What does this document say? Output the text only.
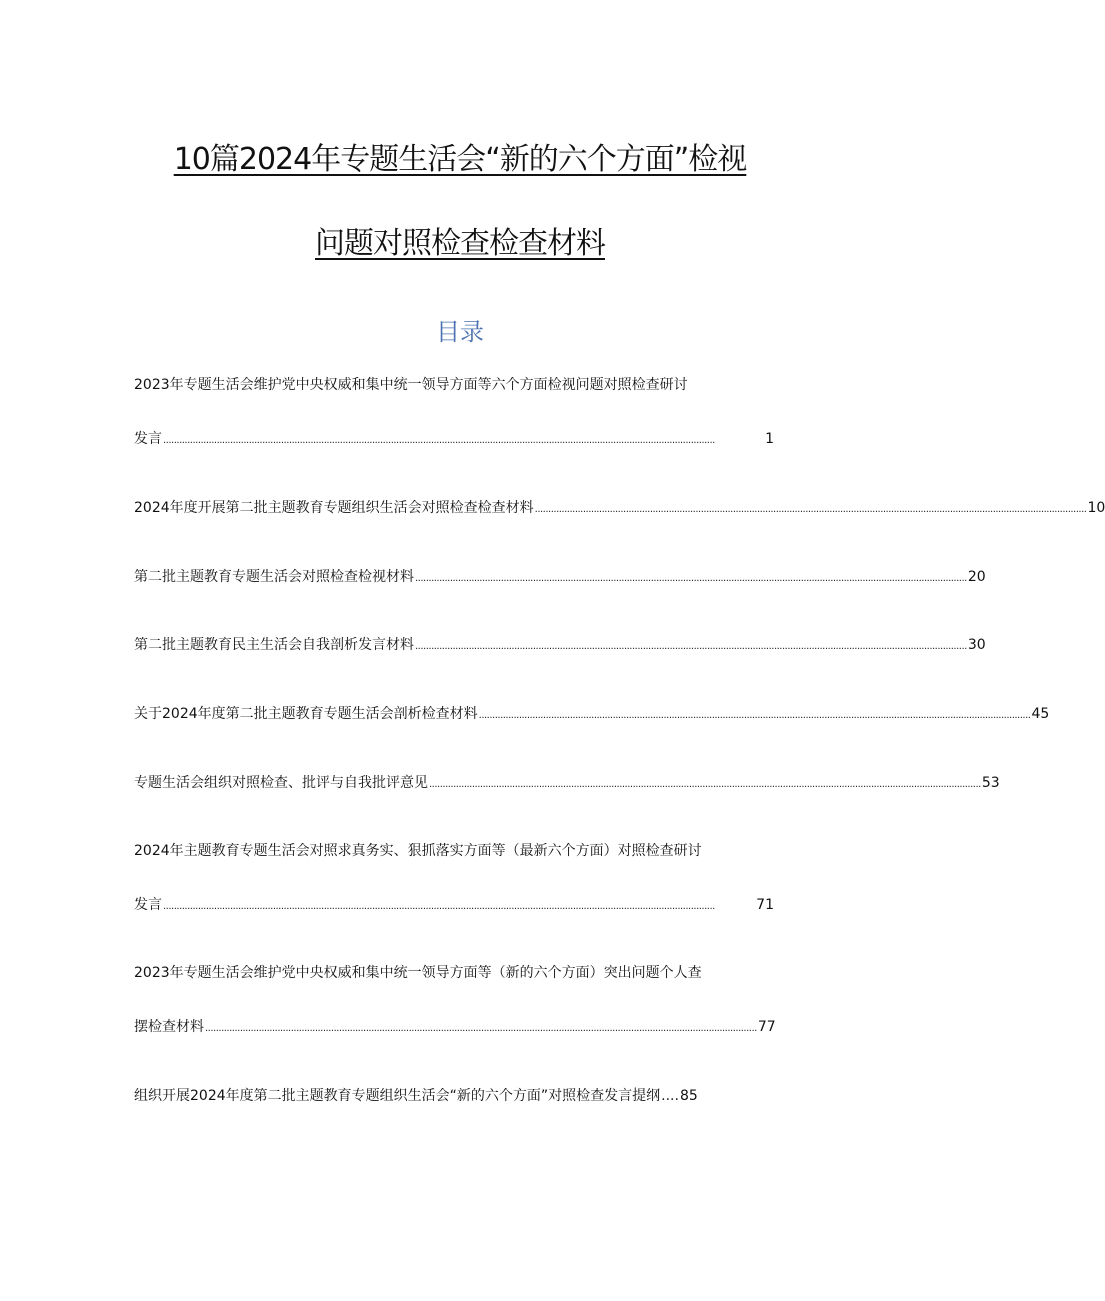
10篇2024年专题生活会“新的六个方面”检视
问题对照检查检查材料
目录
2023年专题生活会维护党中央权威和集中统一领导方面等六个方面检视问题对照检查研讨
发言 ..............................................................................................................................................................................................................	1
2024年度开展第二批主题教育专题组织生活会对照检查检查材料 .............................................................................................................................................................................................................. 10
第二批主题教育专题生活会对照检查检视材料 .............................................................................................................................................................................................................. 20
第二批主题教育民主生活会自我剖析发言材料 .............................................................................................................................................................................................................. 30
关于2024年度第二批主题教育专题生活会剖析检查材料 .............................................................................................................................................................................................................. 45
专题生活会组织对照检查、批评与自我批评意见 .............................................................................................................................................................................................................. 53
2024年主题教育专题生活会对照求真务实、狠抓落实方面等（最新六个方面）对照检查研讨
发言 ..............................................................................................................................................................................................................	71
2023年专题生活会维护党中央权威和集中统一领导方面等（新的六个方面）突出问题个人查
摆检查材料 .............................................................................................................................................................................................................. 77
组织开展2024年度第二批主题教育专题组织生活会“新的六个方面”对照检查发言提纲 .... 85
